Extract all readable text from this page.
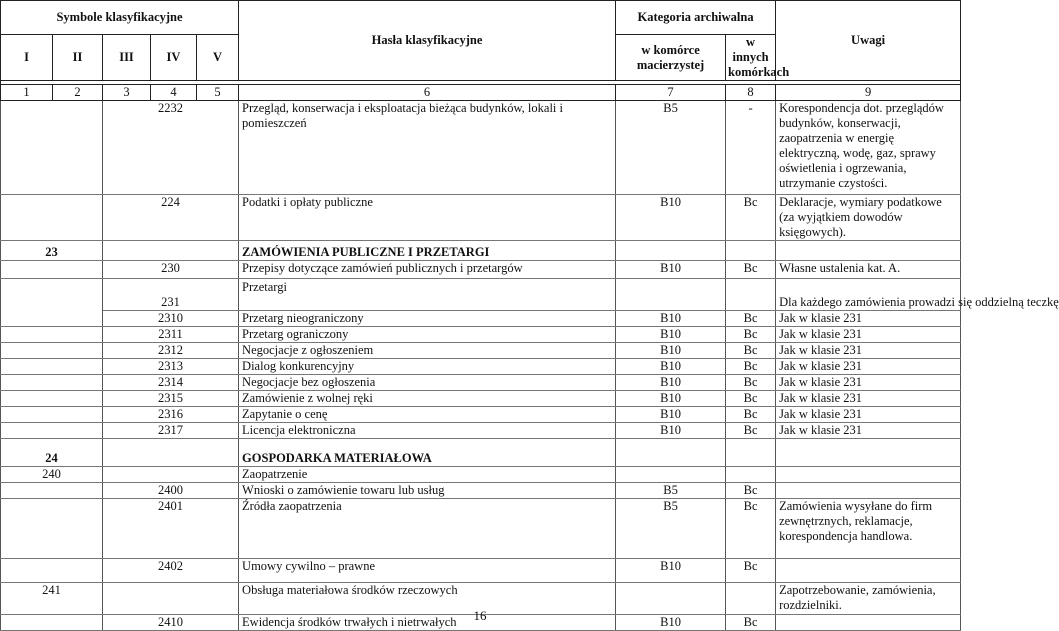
Symbole klasyfikacyjne					Hasła klasyfikacyjne	Kategoria archiwalna		Uwagi
I	II	III	IV	V		w komórce macierzystej	w innych komórkach	

1	2	3	4	5	6	7	8	9
		2232			Przegląd, konserwacja i eksploatacja bieżąca budynków, lokali i pomieszczeń	B5	-	Korespondencja dot. przeglądów budynków, konserwacji, zaopatrzenia w energię elektryczną, wodę, gaz, sprawy oświetlenia i ogrzewania, utrzymanie czystości.
		224			Podatki i opłaty publiczne	B10	Bc	Deklaracje, wymiary podatkowe (za wyjątkiem dowodów księgowych).
23					ZAMÓWIENIA PUBLICZNE I PRZETARGI			
		230			Przepisy dotyczące zamówień publicznych i przetargów	B10	Bc	Własne ustalenia kat. A.
		231			Przetargi			Dla każdego zamówienia prowadzi się oddzielną teczkę
		2310			Przetarg nieograniczony	B10	Bc	Jak w klasie 231
		2311			Przetarg ograniczony	B10	Bc	Jak w klasie 231
		2312			Negocjacje z ogłoszeniem	B10	Bc	Jak w klasie 231
		2313			Dialog konkurencyjny	B10	Bc	Jak w klasie 231
		2314			Negocjacje bez ogłoszenia	B10	Bc	Jak w klasie 231
		2315			Zamówienie z wolnej ręki	B10	Bc	Jak w klasie 231
		2316			Zapytanie o cenę	B10	Bc	Jak w klasie 231
		2317			Licencja elektroniczna	B10	Bc	Jak w klasie 231
24					GOSPODARKA MATERIAŁOWA			
240					Zaopatrzenie			
		2400			Wnioski o zamówienie towaru lub usług	B5	Bc	
		2401			Źródła zaopatrzenia	B5	Bc	Zamówienia wysyłane do firm zewnętrznych, reklamacje, korespondencja handlowa.
		2402			Umowy cywilno – prawne	B10	Bc	
241					Obsługa materiałowa środków rzeczowych			Zapotrzebowanie, zamówienia, rozdzielniki.
		2410			Ewidencja środków trwałych i nietrwałych	B10	Bc	
16
